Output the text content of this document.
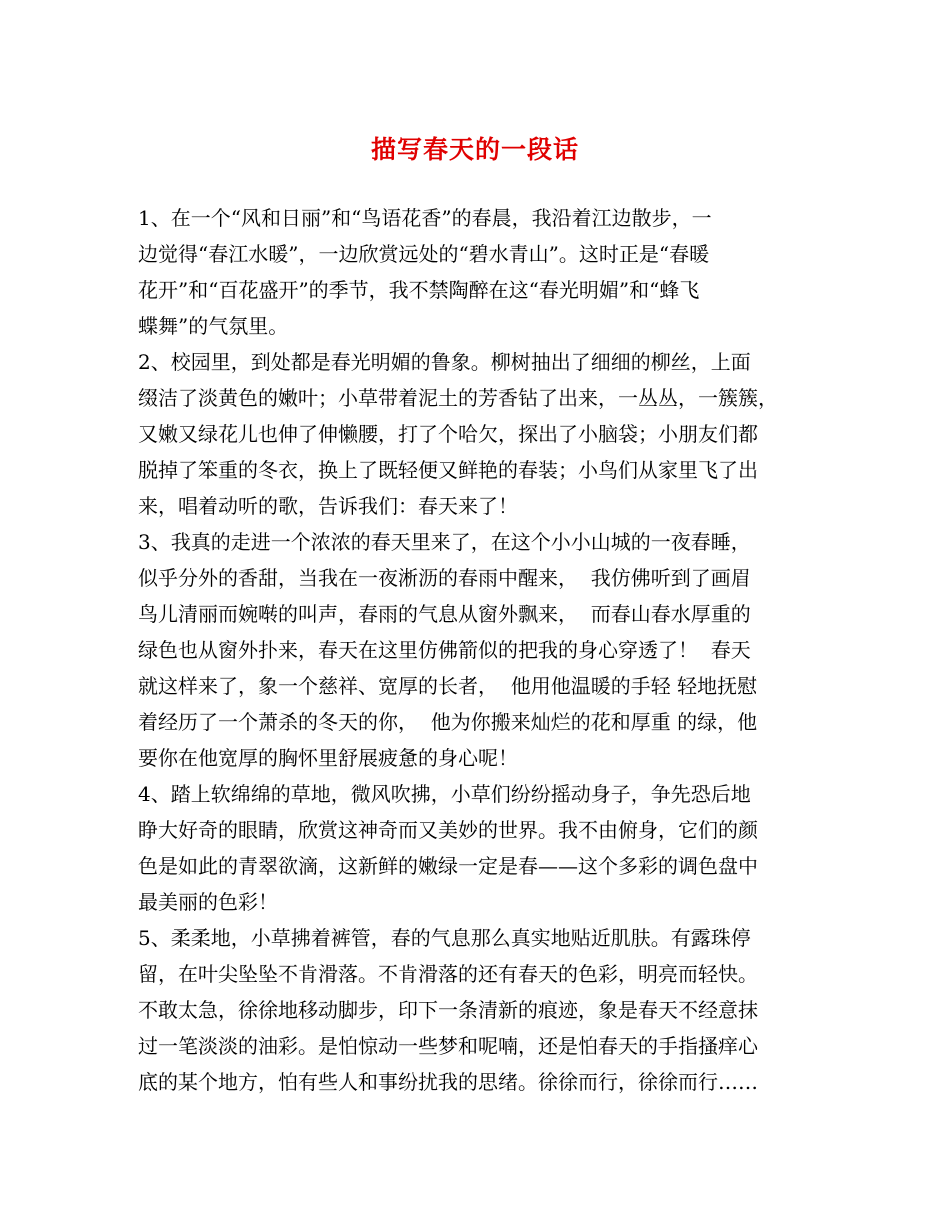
描写春天的一段话
1、在一个“风和日丽”和“鸟语花香”的春晨，我沿着江边散步，一
边觉得“春江水暖”，一边欣赏远处的“碧水青山”。这时正是“春暖
花开”和“百花盛开”的季节，我不禁陶醉在这“春光明媚”和“蜂飞
蝶舞”的气氛里。
2、校园里，到处都是春光明媚的鲁象。柳树抽出了细细的柳丝，上面
缀洁了淡黄色的嫩叶；小草带着泥土的芳香钻了出来，一丛丛，一簇簇，
又嫩又绿花儿也伸了伸懒腰，打了个哈欠，探出了小脑袋；小朋友们都
脱掉了笨重的冬衣，换上了既轻便又鲜艳的春装；小鸟们从家里飞了出
来，唱着动听的歌，告诉我们：春天来了！
3、我真的走进一个浓浓的春天里来了，在这个小小山城的一夜春睡，
似乎分外的香甜，当我在一夜淅沥的春雨中醒来，  我仿佛听到了画眉
鸟儿清丽而婉啭的叫声，春雨的气息从窗外飘来，  而春山春水厚重的
绿色也从窗外扑来，春天在这里仿佛箭似的把我的身心穿透了！  春天
就这样来了，象一个慈祥、宽厚的长者，  他用他温暖的手轻 轻地抚慰
着经历了一个萧杀的冬天的你，  他为你搬来灿烂的花和厚重 的绿，他
要你在他宽厚的胸怀里舒展疲惫的身心呢！
4、踏上软绵绵的草地，微风吹拂，小草们纷纷摇动身子，争先恐后地
睁大好奇的眼睛，欣赏这神奇而又美妙的世界。我不由俯身，它们的颜
色是如此的青翠欲滴，这新鲜的嫩绿一定是春——这个多彩的调色盘中
最美丽的色彩！
5、柔柔地，小草拂着裤管，春的气息那么真实地贴近肌肤。有露珠停
留，在叶尖坠坠不肯滑落。不肯滑落的还有春天的色彩，明亮而轻快。
不敢太急，徐徐地移动脚步，印下一条清新的痕迹，象是春天不经意抹
过一笔淡淡的油彩。是怕惊动一些梦和呢喃，还是怕春天的手指搔痒心
底的某个地方，怕有些人和事纷扰我的思绪。徐徐而行，徐徐而行……
